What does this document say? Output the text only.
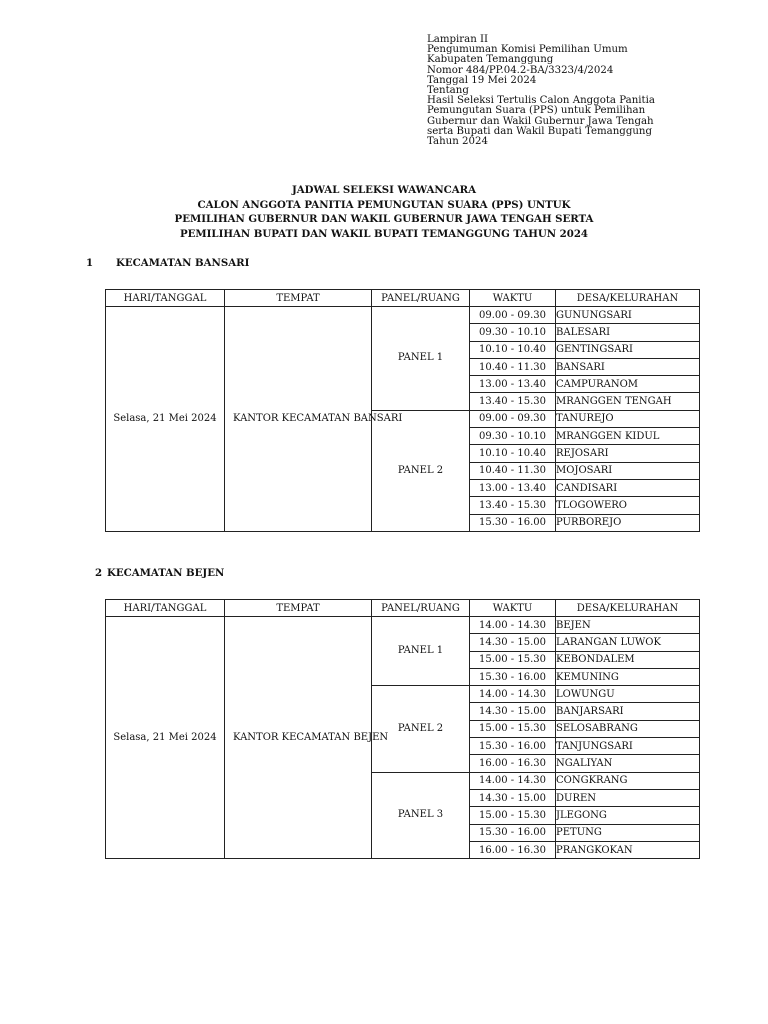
Lampiran II
Pengumuman Komisi Pemilihan Umum
Kabupaten Temanggung
Nomor 484/PP.04.2-BA/3323/4/2024
Tanggal 19 Mei 2024
Tentang
Hasil Seleksi Tertulis Calon Anggota Panitia
Pemungutan Suara (PPS) untuk Pemilihan
Gubernur dan Wakil Gubernur Jawa Tengah
serta Bupati dan Wakil Bupati Temanggung
Tahun 2024
JADWAL SELEKSI WAWANCARA
CALON ANGGOTA PANITIA PEMUNGUTAN SUARA (PPS) UNTUK
PEMILIHAN GUBERNUR DAN WAKIL GUBERNUR JAWA TENGAH SERTA
PEMILIHAN BUPATI DAN WAKIL BUPATI TEMANGGUNG TAHUN 2024
1 KECAMATAN BANSARI
HARI/TANGGAL	TEMPAT	PANEL/RUANG	WAKTU	DESA/KELURAHAN
Selasa, 21 Mei 2024	KANTOR KECAMATAN BANSARI	PANEL 1	09.00 - 09.30	GUNUNGSARI
			09.30 - 10.10	BALESARI
			10.10 - 10.40	GENTINGSARI
			10.40 - 11.30	BANSARI
			13.00 - 13.40	CAMPURANOM
			13.40 - 15.30	MRANGGEN TENGAH
		PANEL 2	09.00 - 09.30	TANUREJO
			09.30 - 10.10	MRANGGEN KIDUL
			10.10 - 10.40	REJOSARI
			10.40 - 11.30	MOJOSARI
			13.00 - 13.40	CANDISARI
			13.40 - 15.30	TLOGOWERO
			15.30 - 16.00	PURBOREJO
2 KECAMATAN BEJEN
HARI/TANGGAL	TEMPAT	PANEL/RUANG	WAKTU	DESA/KELURAHAN
Selasa, 21 Mei 2024	KANTOR KECAMATAN BEJEN	PANEL 1	14.00 - 14.30	BEJEN
			14.30 - 15.00	LARANGAN LUWOK
			15.00 - 15.30	KEBONDALEM
			15.30 - 16.00	KEMUNING
		PANEL 2	14.00 - 14.30	LOWUNGU
			14.30 - 15.00	BANJARSARI
			15.00 - 15.30	SELOSABRANG
			15.30 - 16.00	TANJUNGSARI
			16.00 - 16.30	NGALIYAN
		PANEL 3	14.00 - 14.30	CONGKRANG
			14.30 - 15.00	DUREN
			15.00 - 15.30	JLEGONG
			15.30 - 16.00	PETUNG
			16.00 - 16.30	PRANGKOKAN
